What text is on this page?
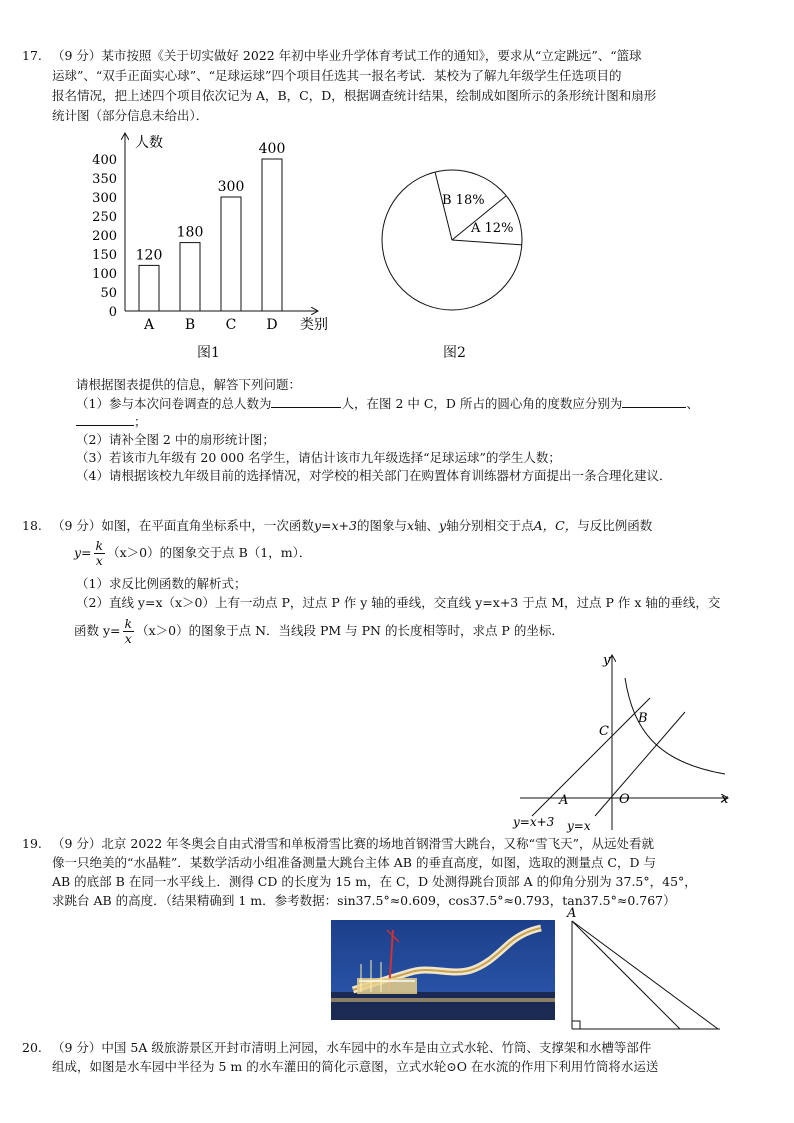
17. （9 分）某市按照《关于切实做好 2022 年初中毕业升学体育考试工作的通知》，要求从“立定跳远”、“篮球
运球”、“双手正面实心球”、“足球运球”四个项目任选其一报名考试．某校为了解九年级学生任选项目的
报名情况，把上述四个项目依次记为 A，B，C，D，根据调查统计结果，绘制成如图所示的条形统计图和扇形
统计图（部分信息未给出）．
0
50
100
150
200
250
300
350
400
120
A
180
B
300
C
400
D
人数
类别
图1
B 18%
A 12%
图2
请根据图表提供的信息，解答下列问题：
（1）参与本次问卷调查的总人数为	人，在图 2 中 C，D 所占的圆心角的度数应分别为	、
；
（2）请补全图 2 中的扇形统计图；
（3）若该市九年级有 20 000 名学生，请估计该市九年级选择“足球运球”的学生人数；
（4）请根据该校九年级目前的选择情况，对学校的相关部门在购置体育训练器材方面提出一条合理化建议．
18. （9 分）如图，在平面直角坐标系中，一次函数y=x+3的图象与x轴、y轴分别相交于点A，C，与反比例函数
$y= \frac{k}{x} (x>0)$的图象交于点 B（1，m）．
（1）求反比例函数的解析式；
（2）直线 y=x（x＞0）上有一动点 P，过点 P 作 y 轴的垂线，交直线 y=x+3 于点 M，过点 P 作 x 轴的垂线，交
函数 $y= \frac{k}{x} (x>0)$的图象于点 N．当线段 PM 与 PN 的长度相等时，求点 P 的坐标．
y
x
O
A
B
C
y=x+3 y=x
19. （9 分）北京 2022 年冬奥会自由式滑雪和单板滑雪比赛的场地首钢滑雪大跳台，又称“雪飞天”，从远处看就
像一只绝美的“水晶鞋”．某数学活动小组准备测量大跳台主体 AB 的垂直高度，如图，选取的测量点 C，D 与
AB 的底部 B 在同一水平线上．测得 CD 的长度为 15 m，在 C，D 处测得跳台顶部 A 的仰角分别为 37.5°，45°，
求跳台 AB 的高度．（结果精确到 1 m．参考数据：sin37.5°≈0.609，cos37.5°≈0.793，tan37.5°≈0.767）
A
20. （9 分）中国 5A 级旅游景区开封市清明上河园，水车园中的水车是由立式水轮、竹筒、支撑架和水槽等部件
组成，如图是水车园中半径为 5 m 的水车灌田的简化示意图，立式水轮⊙O 在水流的作用下利用竹筒将水运送
